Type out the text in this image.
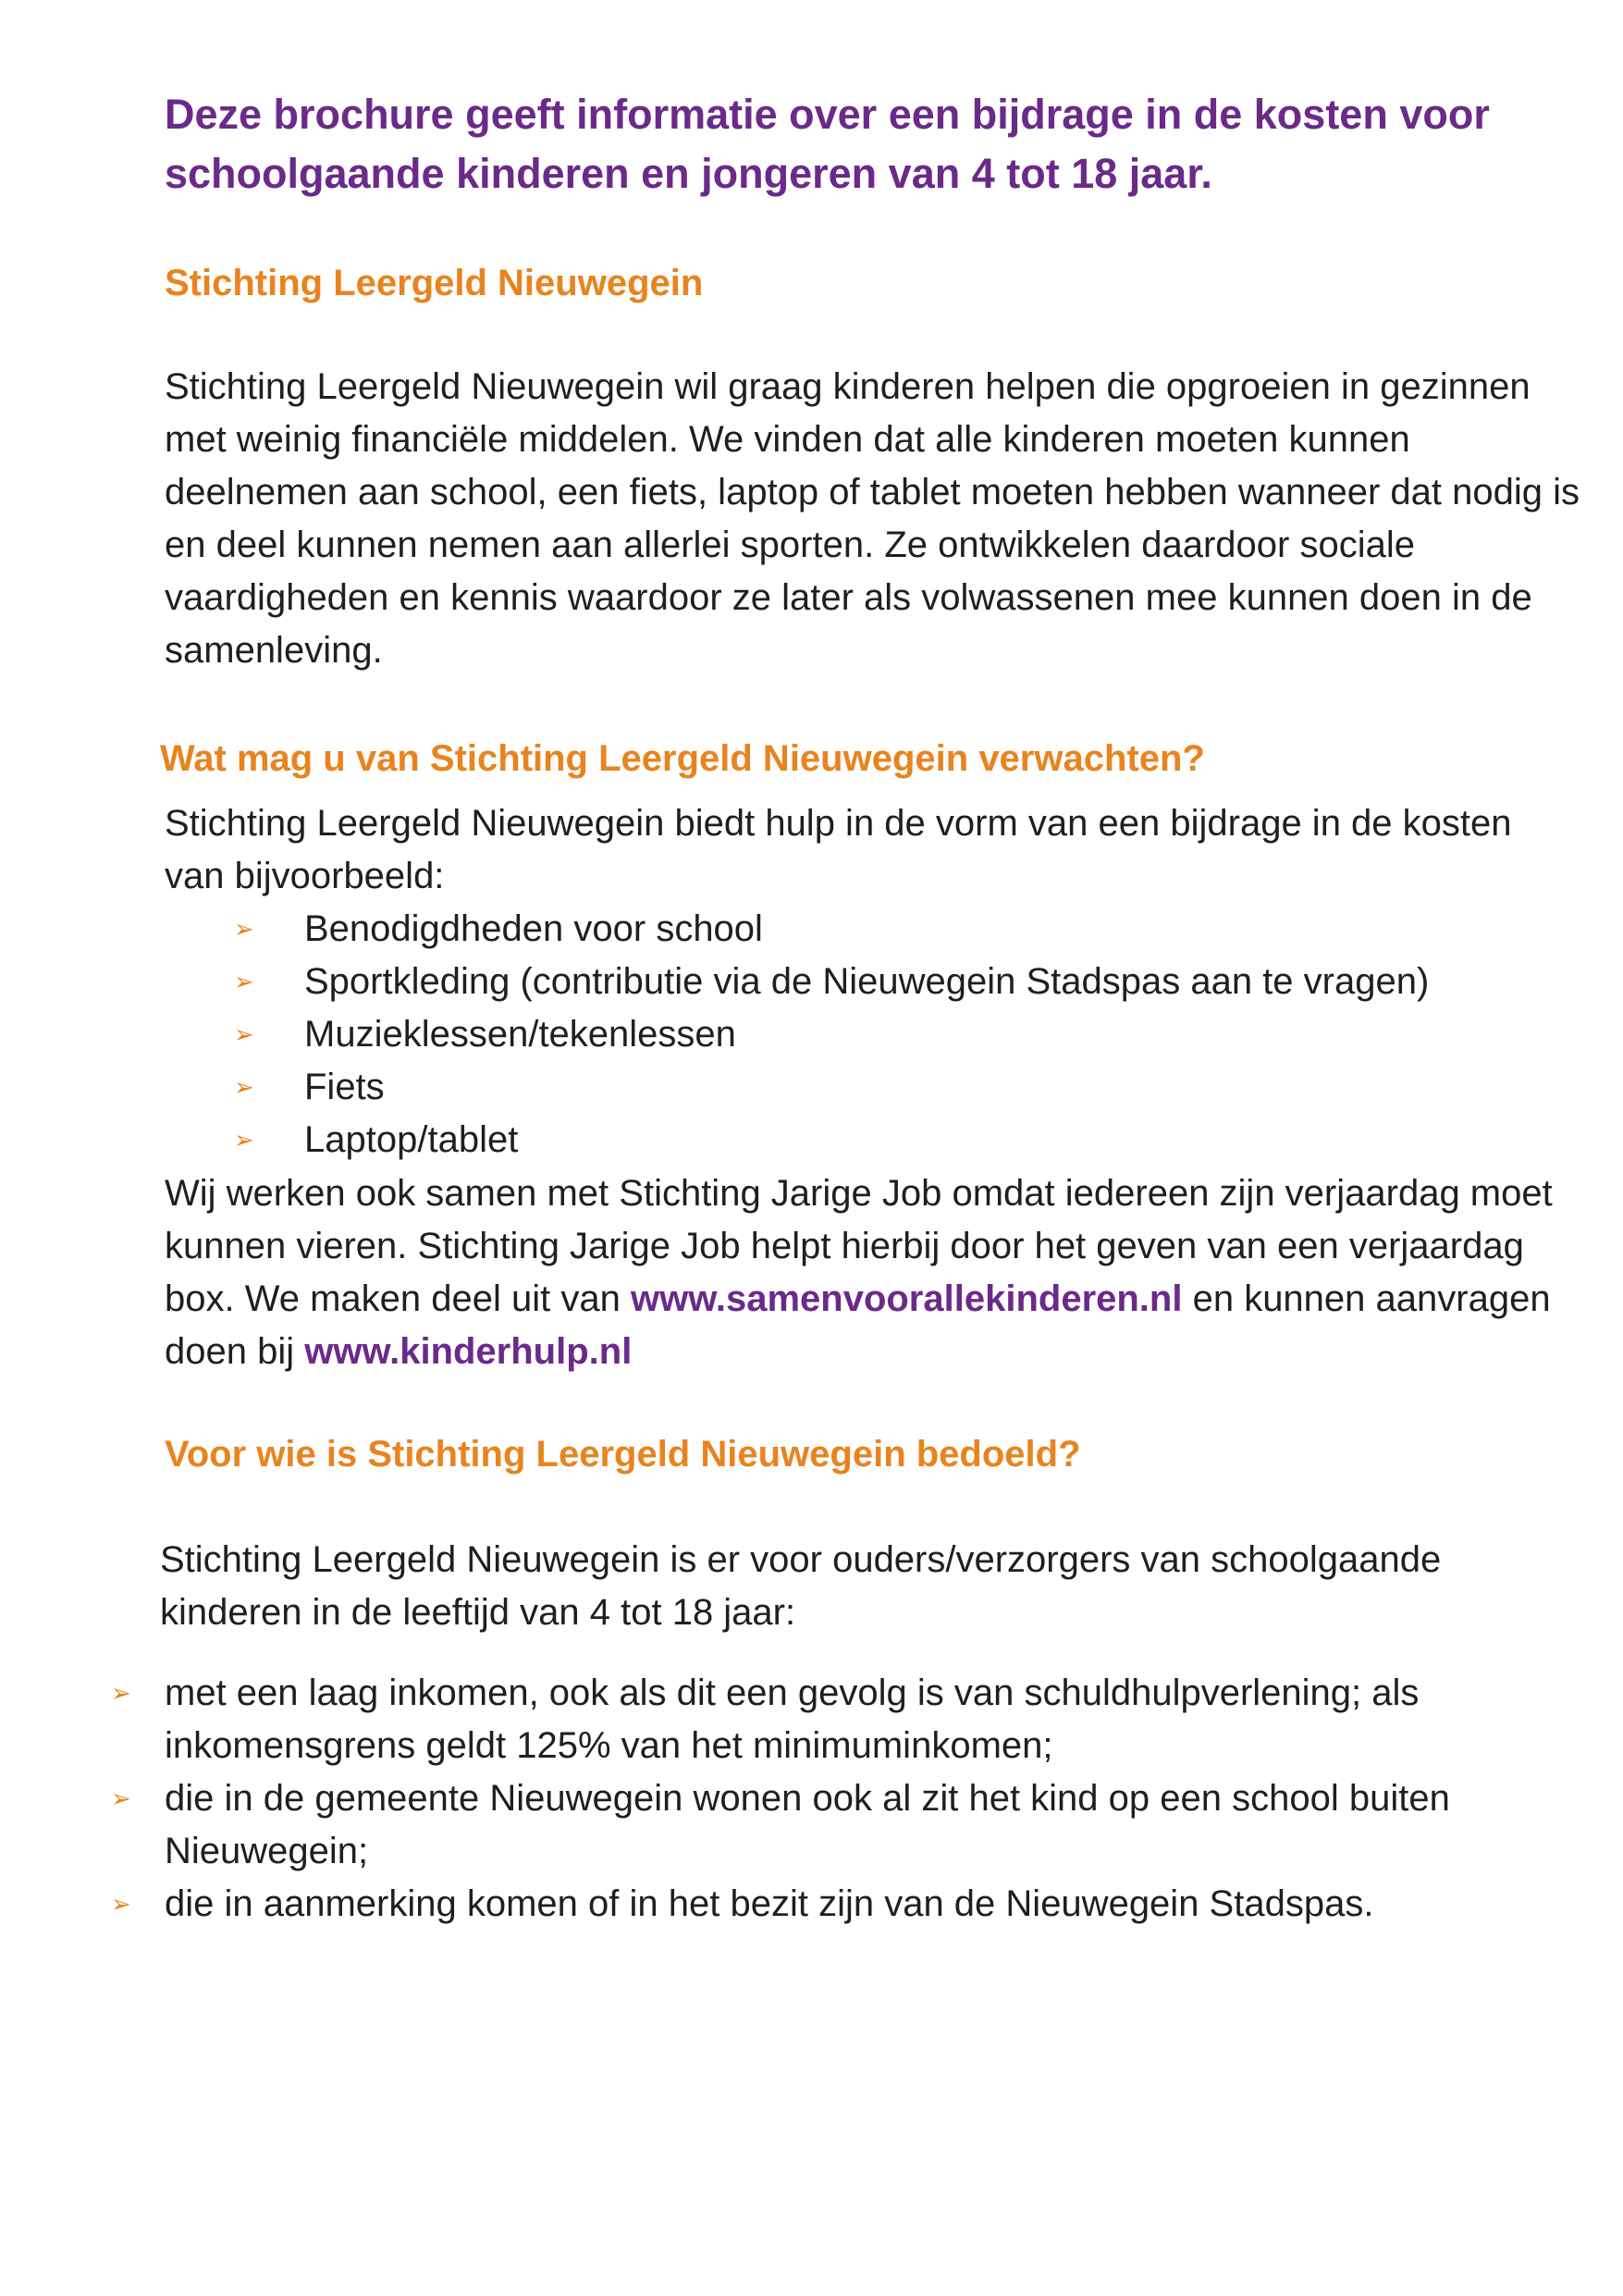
Deze brochure geeft informatie over een bijdrage in de kosten voor schoolgaande kinderen en jongeren van 4 tot 18 jaar.

Stichting Leergeld Nieuwegein

Stichting Leergeld Nieuwegein wil graag kinderen helpen die opgroeien in gezinnen met weinig financiële middelen. We vinden dat alle kinderen moeten kunnen deelnemen aan school, een fiets, laptop of tablet moeten hebben wanneer dat nodig is en deel kunnen nemen aan allerlei sporten. Ze ontwikkelen daardoor sociale vaardigheden en kennis waardoor ze later als volwassenen mee kunnen doen in de samenleving.

Wat mag u van Stichting Leergeld Nieuwegein verwachten?

Stichting Leergeld Nieuwegein biedt hulp in de vorm van een bijdrage in de kosten van bijvoorbeeld:

➢ Benodigdheden voor school
➢ Sportkleding (contributie via de Nieuwegein Stadspas aan te vragen)
➢ Muzieklessen/tekenlessen
➢ Fiets
➢ Laptop/tablet

Wij werken ook samen met Stichting Jarige Job omdat iedereen zijn verjaardag moet kunnen vieren. Stichting Jarige Job helpt hierbij door het geven van een verjaardag box. We maken deel uit van www.samenvoorallekinderen.nl en kunnen aanvragen doen bij www.kinderhulp.nl

Voor wie is Stichting Leergeld Nieuwegein bedoeld?

Stichting Leergeld Nieuwegein is er voor ouders/verzorgers van schoolgaande kinderen in de leeftijd van 4 tot 18 jaar:

➢ met een laag inkomen, ook als dit een gevolg is van schuldhulpverlening; als inkomensgrens geldt 125% van het minimuminkomen;
➢ die in de gemeente Nieuwegein wonen ook al zit het kind op een school buiten Nieuwegein;
➢ die in aanmerking komen of in het bezit zijn van de Nieuwegein Stadspas.
